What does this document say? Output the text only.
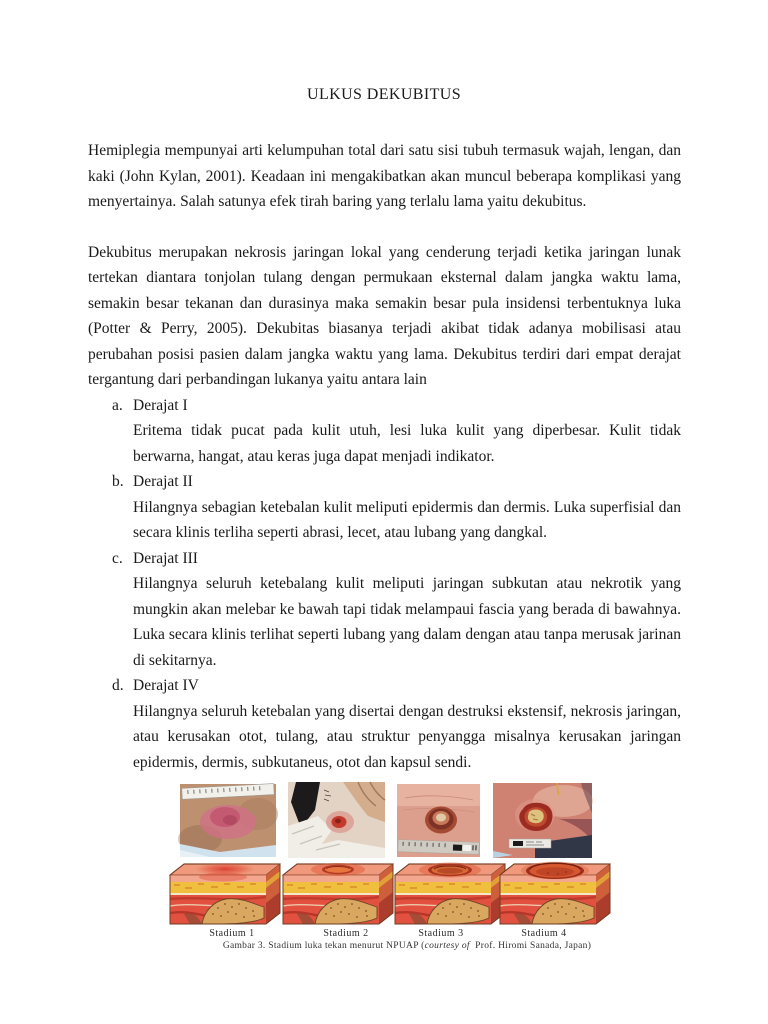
ULKUS DEKUBITUS

Hemiplegia mempunyai arti kelumpuhan total dari satu sisi tubuh termasuk wajah, lengan, dan kaki (John Kylan, 2001). Keadaan ini mengakibatkan akan muncul beberapa komplikasi yang menyertainya. Salah satunya efek tirah baring yang terlalu lama yaitu dekubitus.

Dekubitus merupakan nekrosis jaringan lokal yang cenderung terjadi ketika jaringan lunak tertekan diantara tonjolan tulang dengan permukaan eksternal dalam jangka waktu lama, semakin besar tekanan dan durasinya maka semakin besar pula insidensi terbentuknya luka (Potter & Perry, 2005). Dekubitas biasanya terjadi akibat tidak adanya mobilisasi atau perubahan posisi pasien dalam jangka waktu yang lama. Dekubitus terdiri dari empat derajat tergantung dari perbandingan lukanya yaitu antara lain

a. Derajat I

Eritema tidak pucat pada kulit utuh, lesi luka kulit yang diperbesar. Kulit tidak berwarna, hangat, atau keras juga dapat menjadi indikator.

b. Derajat II

Hilangnya sebagian ketebalan kulit meliputi epidermis dan dermis. Luka superfisial dan secara klinis terliha seperti abrasi, lecet, atau lubang yang dangkal.

c. Derajat III

Hilangnya seluruh ketebalang kulit meliputi jaringan subkutan atau nekrotik yang mungkin akan melebar ke bawah tapi tidak melampaui fascia yang berada di bawahnya. Luka secara klinis terlihat seperti lubang yang dalam dengan atau tanpa merusak jarinan di sekitarnya.

d. Derajat IV

Hilangnya seluruh ketebalan yang disertai dengan destruksi ekstensif, nekrosis jaringan, atau kerusakan otot, tulang, atau struktur penyangga misalnya kerusakan jaringan epidermis, dermis, subkutaneus, otot dan kapsul sendi.

Stadium 1	Stadium 2	Stadium 3	Stadium 4
Gambar 3. Stadium luka tekan menurut NPUAP (courtesy of  Prof. Hiromi Sanada, Japan)
